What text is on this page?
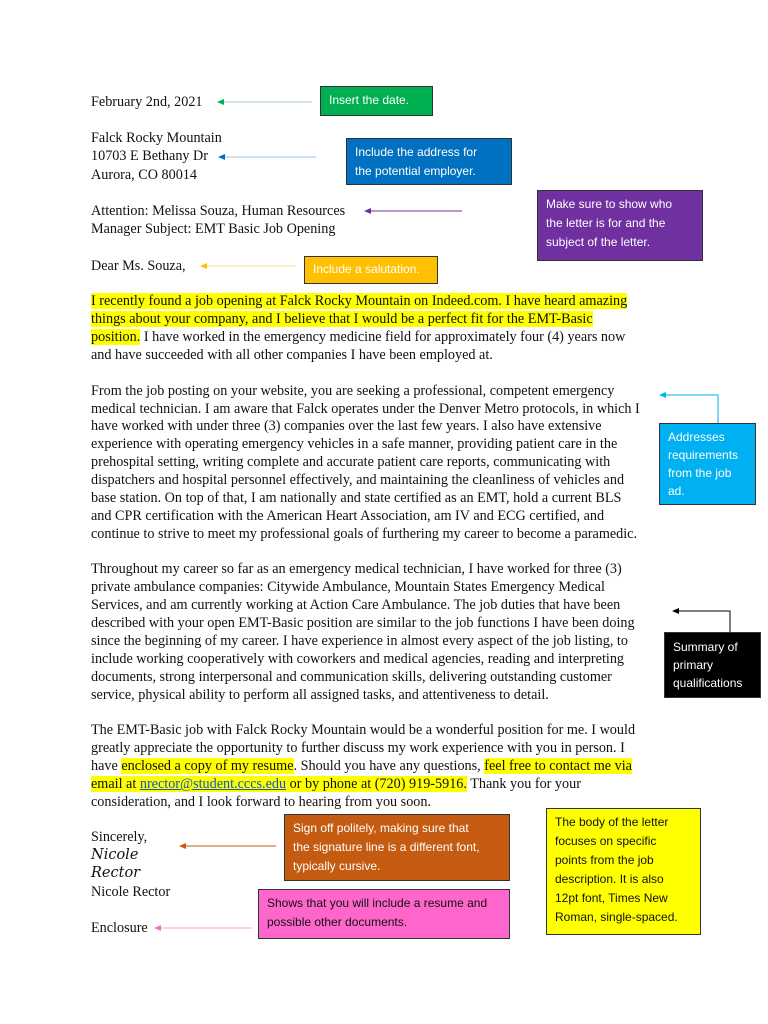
February 2nd, 2021
Falck Rocky Mountain
10703 E Bethany Dr
Aurora, CO 80014
Attention: Melissa Souza, Human Resources
Manager Subject: EMT Basic Job Opening
Dear Ms. Souza,
I recently found a job opening at Falck Rocky Mountain on Indeed.com. I have heard amazing
things about your company, and I believe that I would be a perfect fit for the EMT-Basic
position. I have worked in the emergency medicine field for approximately four (4) years now
and have succeeded with all other companies I have been employed at.
From the job posting on your website, you are seeking a professional, competent emergency
medical technician. I am aware that Falck operates under the Denver Metro protocols, in which I
have worked with under three (3) companies over the last few years. I also have extensive
experience with operating emergency vehicles in a safe manner, providing patient care in the
prehospital setting, writing complete and accurate patient care reports, communicating with
dispatchers and hospital personnel effectively, and maintaining the cleanliness of vehicles and
base station. On top of that, I am nationally and state certified as an EMT, hold a current BLS
and CPR certification with the American Heart Association, am IV and ECG certified, and
continue to strive to meet my professional goals of furthering my career to become a paramedic.
Throughout my career so far as an emergency medical technician, I have worked for three (3)
private ambulance companies: Citywide Ambulance, Mountain States Emergency Medical
Services, and am currently working at Action Care Ambulance. The job duties that have been
described with your open EMT-Basic position are similar to the job functions I have been doing
since the beginning of my career. I have experience in almost every aspect of the job listing, to
include working cooperatively with coworkers and medical agencies, reading and interpreting
documents, strong interpersonal and communication skills, delivering outstanding customer
service, physical ability to perform all assigned tasks, and attentiveness to detail.
The EMT-Basic job with Falck Rocky Mountain would be a wonderful position for me. I would
greatly appreciate the opportunity to further discuss my work experience with you in person. I
have enclosed a copy of my resume. Should you have any questions, feel free to contact me via
email at nrector@student.cccs.edu or by phone at (720) 919-5916. Thank you for your
consideration, and I look forward to hearing from you soon.
Sincerely,
Nicole
Rector
Nicole Rector
Enclosure
Insert the date.
Include the address for
the potential employer.
Make sure to show who
the letter is for and the
subject of the letter.
Include a salutation.
Addresses
requirements
from the job
ad.
Summary of
primary
qualifications
Sign off politely, making sure that
the signature line is a different font,
typically cursive.
Shows that you will include a resume and
possible other documents.
The body of the letter
focuses on specific
points from the job
description. It is also
12pt font, Times New
Roman, single-spaced.
